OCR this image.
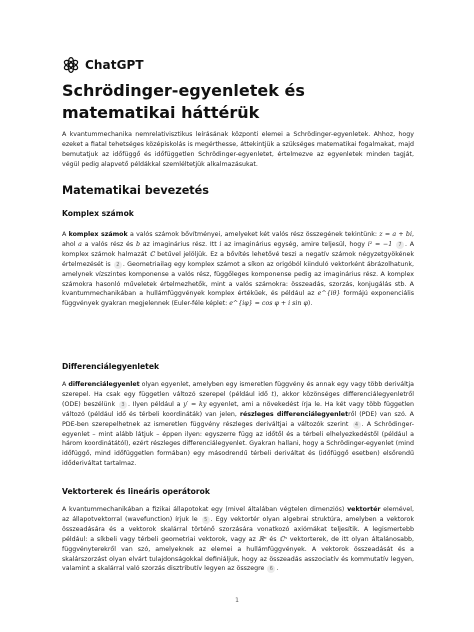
ChatGPT
Schrödinger-egyenletek és matematikai háttérük

A kvantummechanika nemrelativisztikus leírásának központi elemei a Schrödinger-egyenletek. Ahhoz, hogy ezeket a fiatal tehetséges középiskolás is megérthesse, áttekintjük a szükséges matematikai fogalmakat, majd bemutatjuk az időfüggő és időfüggetlen Schrödinger-egyenletet, értelmezve az egyenletek minden tagját, végül pedig alapvető példákkal szemléltetjük alkalmazásukat.

Matematikai bevezetés
Komplex számok

A komplex számok a valós számok bővítményei, amelyeket két valós rész összegének tekintünk: z = a + bi, ahol a a valós rész és b az imaginárius rész. Itt i az imaginárius egység, amire teljesül, hogy i² = −1 7 . A komplex számok halmazát ℂ betűvel jelöljük. Ez a bővítés lehetővé teszi a negatív számok négyzetgyökének értelmezését is 2 . Geometriailag egy komplex számot a síkon az origóból kiinduló vektorként ábrázolhatunk, amelynek vízszintes komponense a valós rész, függőleges komponense pedig az imaginárius rész. A komplex számokra hasonló műveletek értelmezhetők, mint a valós számokra: összeadás, szorzás, konjugálás stb. A kvantummechanikában a hullámfüggvények komplex értékűek, és például az e^{iθ} formájú exponenciális függvények gyakran megjelennek (Euler-féle képlet: e^{iφ} = cos φ + i sin φ).

Differenciálegyenletek

A differenciálegyenlet olyan egyenlet, amelyben egy ismeretlen függvény és annak egy vagy több deriváltja szerepel. Ha csak egy független változó szerepel (például idő t), akkor közönséges differenciálegyenletről (ODE) beszélünk 3 . Ilyen például a y′ = ky egyenlet, ami a növekedést írja le. Ha két vagy több független változó (például idő és térbeli koordináták) van jelen, részleges differenciálegyenletről (PDE) van szó. A PDE-ben szerepelhetnek az ismeretlen függvény részleges deriváltjai a változók szerint 4 . A Schrödinger-egyenlet – mint alább látjuk – éppen ilyen: egyszerre függ az időtől és a térbeli elhelyezkedéstől (például a három koordinátától), ezért részleges differenciálegyenlet. Gyakran hallani, hogy a Schrödinger-egyenlet (mind időfüggő, mind időfüggetlen formában) egy másodrendű térbeli deriváltat és (időfüggő esetben) elsőrendű időderiváltat tartalmaz.

Vektorterek és lineáris operátorok

A kvantummechanikában a fizikai állapotokat egy (mivel általában végtelen dimenziós) vektortér elemével, az állapotvektorral (wavefunction) írjuk le 5 . Egy vektortér olyan algebrai struktúra, amelyben a vektorok összeadására és a vektorok skalárral történő szorzására vonatkozó axiómákat teljesítik. A legismertebb például: a síkbeli vagy térbeli geometriai vektorok, vagy az ℝⁿ és ℂⁿ vektorterek, de itt olyan általánosabb, függvényterekről van szó, amelyeknek az elemei a hullámfüggvények. A vektorok összeadását és a skalárszorzást olyan elvárt tulajdonságokkal definiáljuk, hogy az összeadás asszociatív és kommutatív legyen, valamint a skalárral való szorzás disztributív legyen az összegre 6 .

1
